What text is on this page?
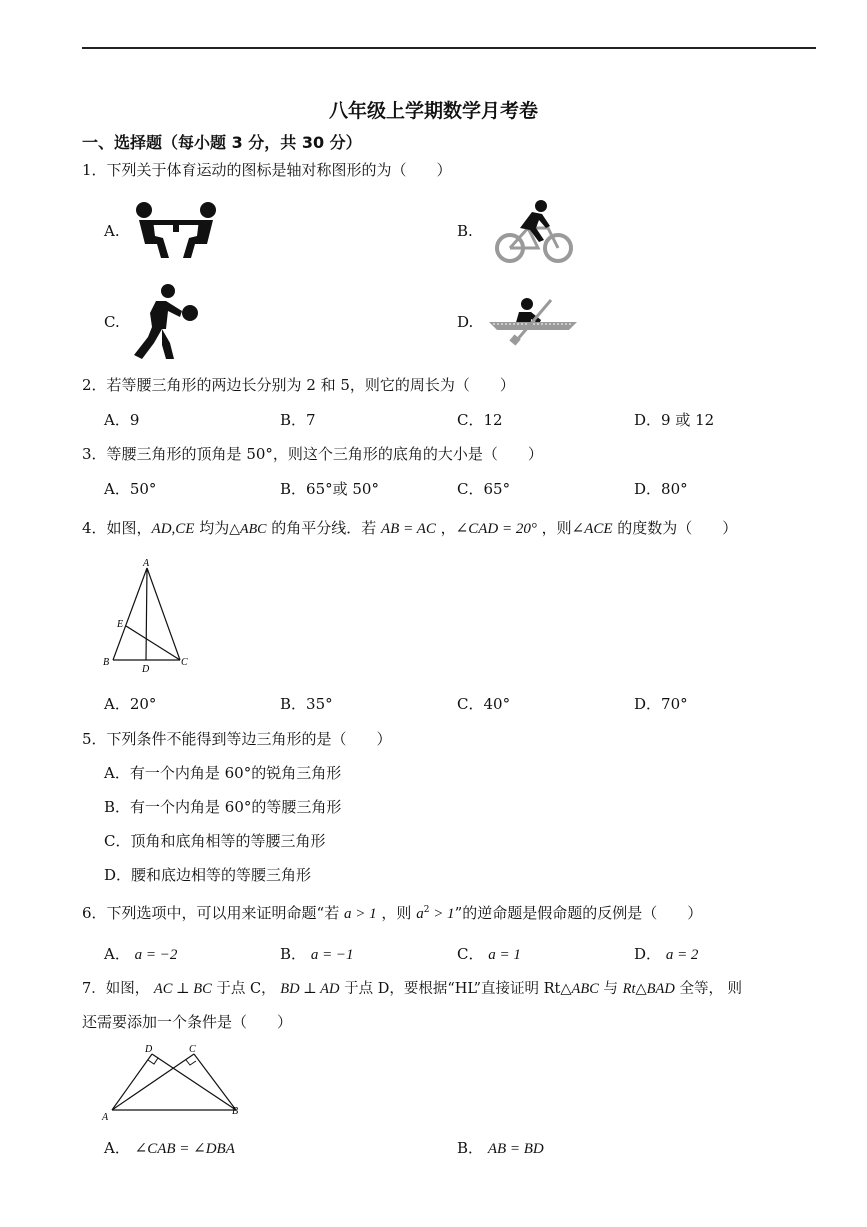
八年级上学期数学月考卷
一、选择题（每小题 3 分，共 30 分）
1．下列关于体育运动的图标是轴对称图形的为（　　）
A.	B.
C.	D.
2．若等腰三角形的两边长分别为 2 和 5，则它的周长为（　　）
A．9	B．7	C．12	D．9 或 12
3．等腰三角形的顶角是 50°，则这个三角形的底角的大小是（　　）
A．50°	B．65°或 50°	C．65°	D．80°
4．如图，AD,CE 均为△ABC 的角平分线．若 AB = AC ，∠CAD = 20° ，则∠ACE 的度数为（　　）
A
B	C
D
E
A．20°	B．35°	C．40°	D．70°
5．下列条件不能得到等边三角形的是（　　）
A．有一个内角是 60°的锐角三角形
B．有一个内角是 60°的等腰三角形
C．顶角和底角相等的等腰三角形
D．腰和底边相等的等腰三角形
6．下列选项中，可以用来证明命题“若 a > 1 ，则 $a^2 > 1$”的逆命题是假命题的反例是（　　）
A． a = −2	B． a = −1	C． a = 1	D． a = 2
7．如图， AC ⊥ BC 于点 C， BD ⊥ AD 于点 D，要根据“HL”直接证明 Rt△ABC 与 Rt△BAD 全等， 则
还需要添加一个条件是（　　）
A
B
C
D
A． ∠CAB = ∠DBA	B． AB = BD
